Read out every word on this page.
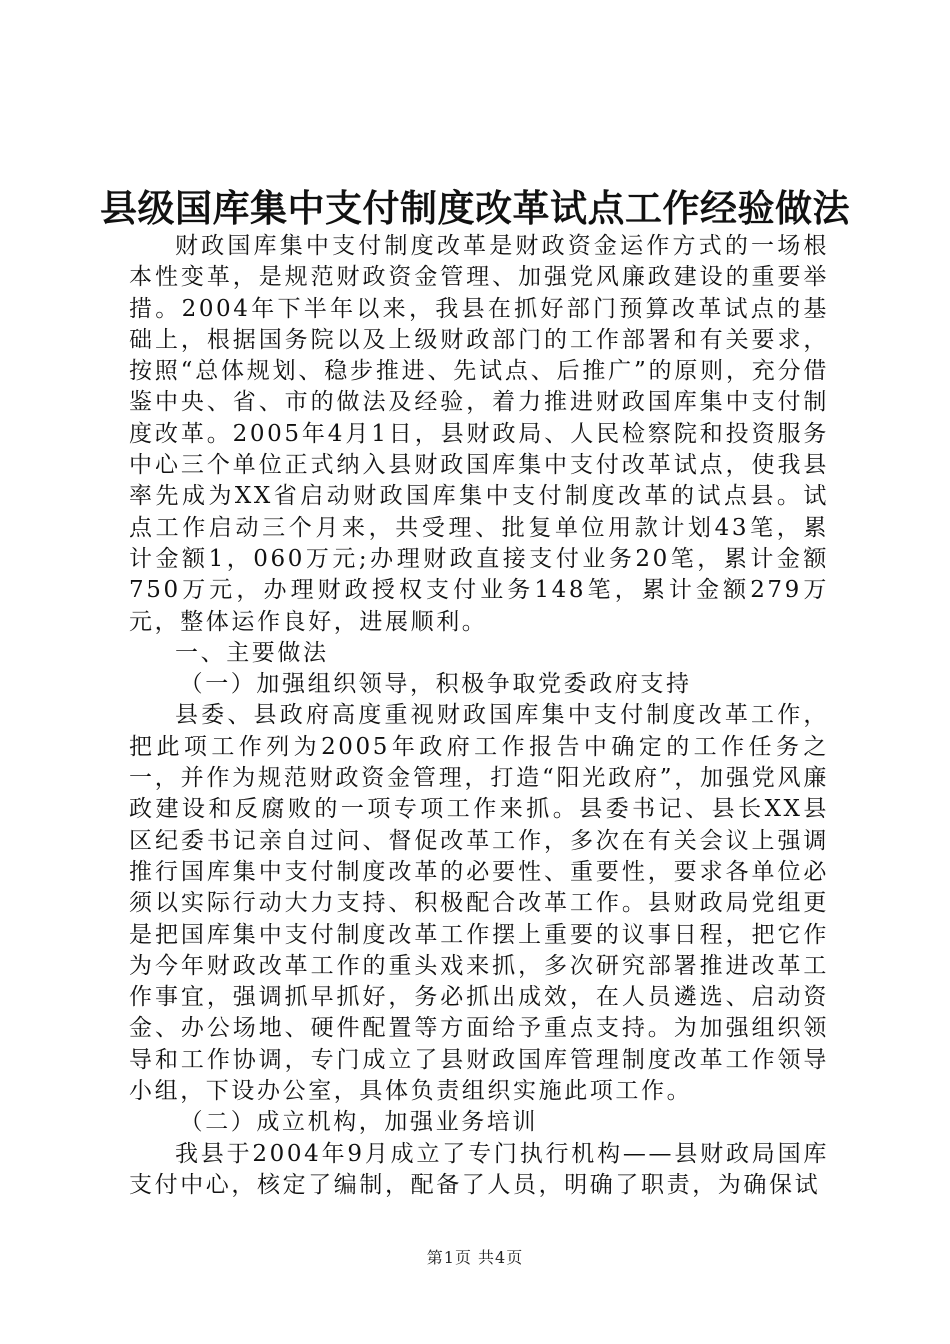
县级国库集中支付制度改革试点工作经验做法

财政国库集中支付制度改革是财政资金运作方式的一场根本性变革，是规范财政资金管理、加强党风廉政建设的重要举措。2004年下半年以来，我县在抓好部门预算改革试点的基础上，根据国务院以及上级财政部门的工作部署和有关要求，按照“总体规划、稳步推进、先试点、后推广”的原则，充分借鉴中央、省、市的做法及经验，着力推进财政国库集中支付制度改革。2005年4月1日，县财政局、人民检察院和投资服务中心三个单位正式纳入县财政国库集中支付改革试点，使我县率先成为XX省启动财政国库集中支付制度改革的试点县。试点工作启动三个月来，共受理、批复单位用款计划43笔，累计金额1，060万元;办理财政直接支付业务20笔，累计金额750万元，办理财政授权支付业务148笔，累计金额279万元，整体运作良好，进展顺利。

一、主要做法

（一）加强组织领导，积极争取党委政府支持

县委、县政府高度重视财政国库集中支付制度改革工作，把此项工作列为2005年政府工作报告中确定的工作任务之一，并作为规范财政资金管理，打造“阳光政府”，加强党风廉政建设和反腐败的一项专项工作来抓。县委书记、县长XX县区纪委书记亲自过问、督促改革工作，多次在有关会议上强调推行国库集中支付制度改革的必要性、重要性，要求各单位必须以实际行动大力支持、积极配合改革工作。县财政局党组更是把国库集中支付制度改革工作摆上重要的议事日程，把它作为今年财政改革工作的重头戏来抓，多次研究部署推进改革工作事宜，强调抓早抓好，务必抓出成效，在人员遴选、启动资金、办公场地、硬件配置等方面给予重点支持。为加强组织领导和工作协调，专门成立了县财政国库管理制度改革工作领导小组，下设办公室，具体负责组织实施此项工作。

（二）成立机构，加强业务培训

我县于2004年9月成立了专门执行机构——县财政局国库支付中心，核定了编制，配备了人员，明确了职责，为确保试

第1页 共4页
